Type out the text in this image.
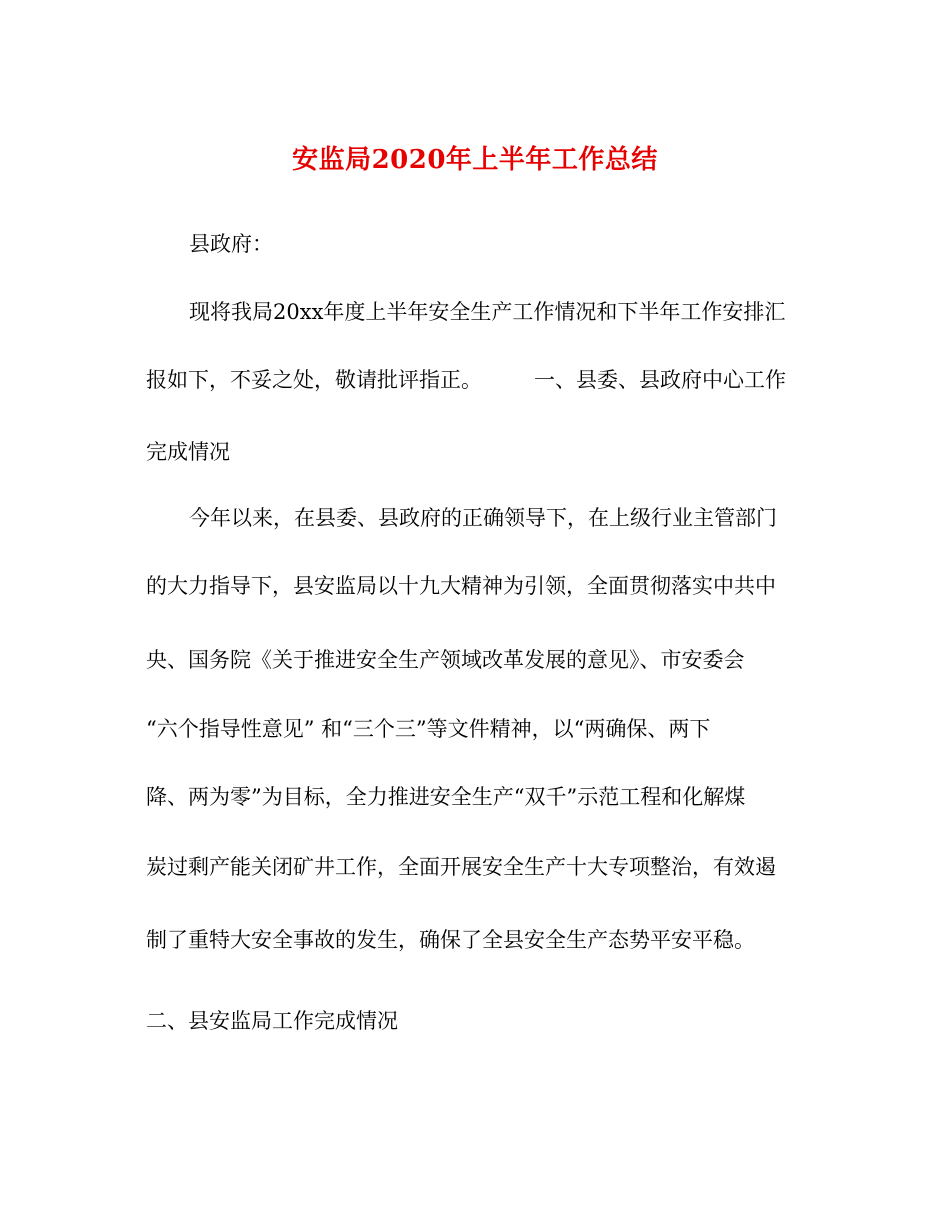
安监局2020年上半年工作总结
县政府：
现将我局20xx年度上半年安全生产工作情况和下半年工作安排汇
报如下，不妥之处，敬请批评指正。 一、县委、县政府中心工作
完成情况
今年以来，在县委、县政府的正确领导下，在上级行业主管部门
的大力指导下，县安监局以十九大精神为引领，全面贯彻落实中共中
央、国务院《关于推进安全生产领域改革发展的意见》、市安委会
“六个指导性意见” 和“三个三”等文件精神，以“两确保、两下
降、两为零”为目标，全力推进安全生产“双千”示范工程和化解煤
炭过剩产能关闭矿井工作，全面开展安全生产十大专项整治，有效遏
制了重特大安全事故的发生，确保了全县安全生产态势平安平稳。
二、县安监局工作完成情况
